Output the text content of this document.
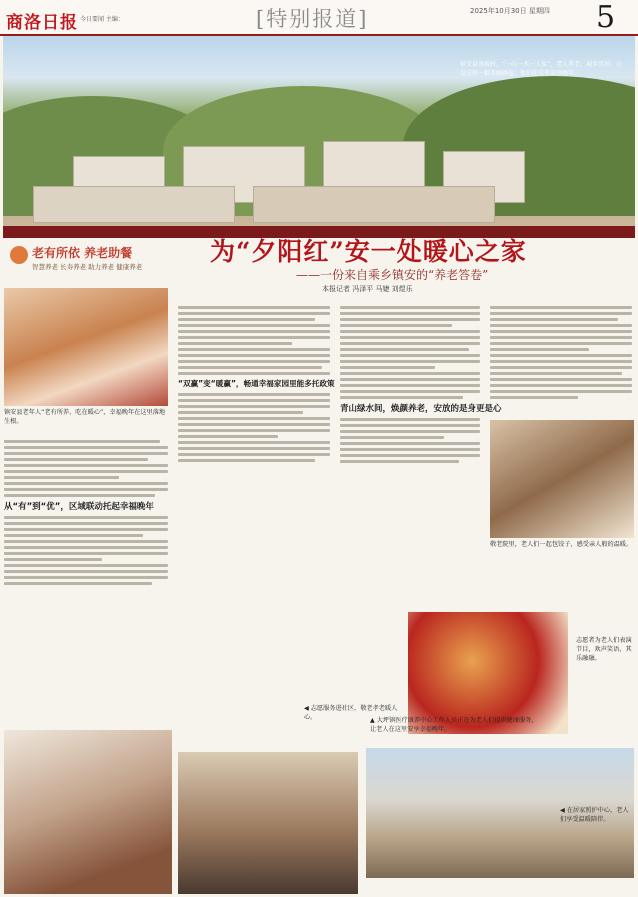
商洛日报 今日要闻 主编：	[特别报道]	2025年10月30日 星期四 5
镇安县南坡村，“一山一水一人家”，老人养老、城乡宜居，正是这样一幅美丽画卷；他们在这里安享晚年。
老有所依 养老助餐
智慧养老 长寿养老 助力养老 健康养老
为“夕阳红”安一处暖心之家
——一份来自乘乡镇安的“养老答卷”
本报记者 冯泽平 马婕 刘煜乐
镇安县老年人“老有所养、吃在暖心”，幸福晚年在这里落地生根。
从“有”到“优”，区域联动托起幸福晚年
“双赢”变“暖赢”，畅通幸福家园里能多托政策
青山绿水间，焕颜养老，安放的是身更是心
敬老院里，老人们一起包饺子，感受亲人般的温暖。
志愿者为老人们表演节目，欢声笑语，其乐融融。
◀ 志愿服务进社区，敬老孝老暖人心。	▲ 大坪镇医疗康养中心工作人员正在为老人们提供健康服务，让老人在这里安享幸福晚年。
◀ 在居家照护中心，老人们享受温暖陪伴。
